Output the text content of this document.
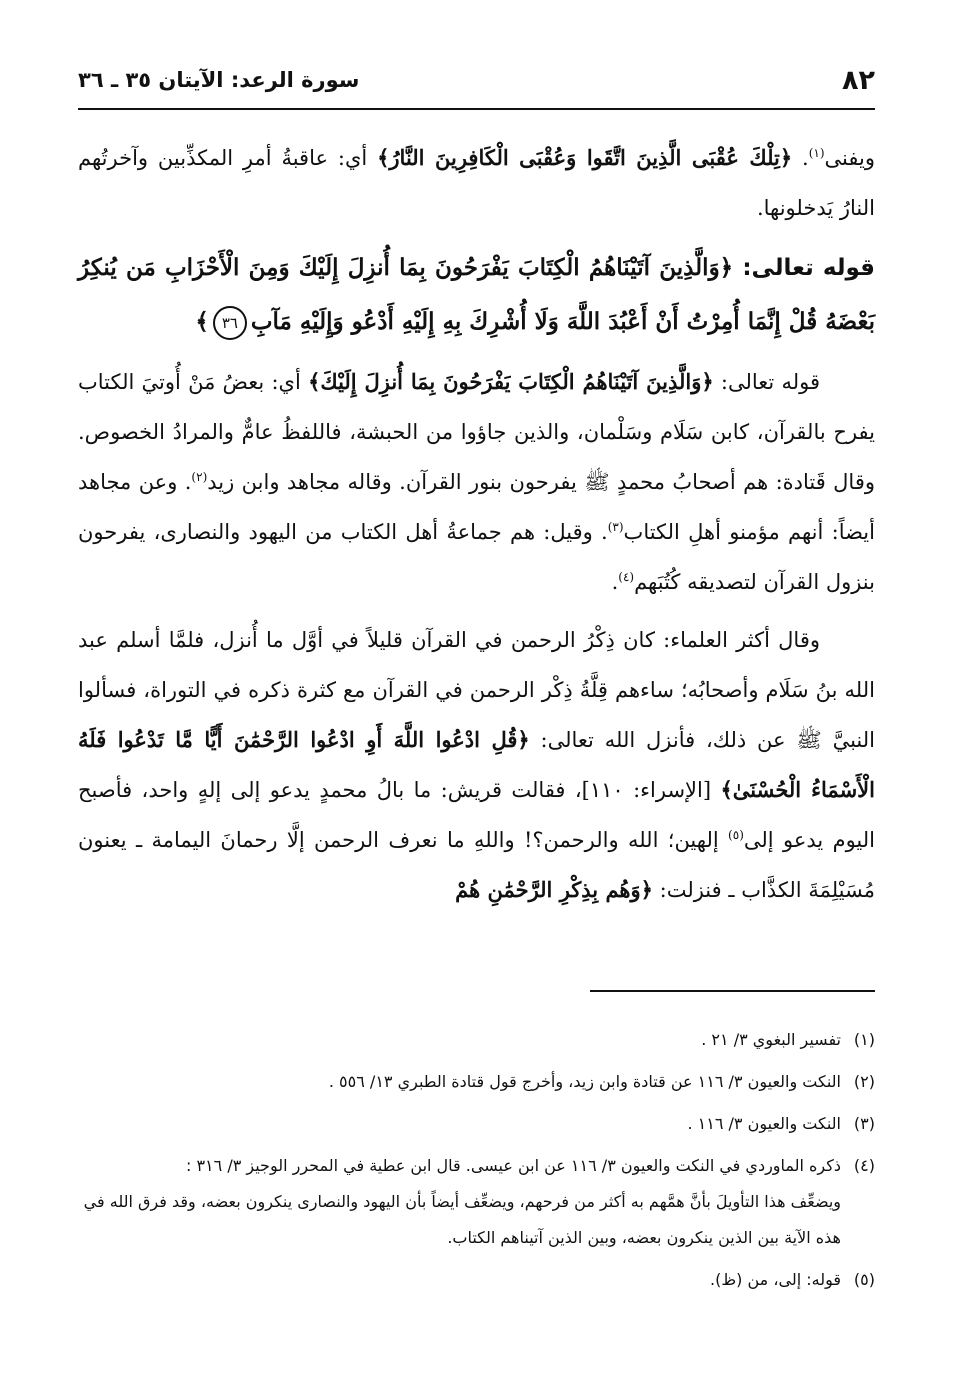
٨٢
سورة الرعد: الآيتان ٣٥ ـ ٣٦

ويفنى$^{(١)}$. ﴿تِلْكَ عُقْبَى الَّذِينَ اتَّقَوا وَعُقْبَى الْكَافِرِينَ النَّارُ﴾ أي: عاقبةُ أمرِ المكذِّبين وآخرتُهم النارُ يَدخلونها.

قوله تعالى: ﴿وَالَّذِينَ آتَيْنَاهُمُ الْكِتَابَ يَفْرَحُونَ بِمَا أُنزِلَ إِلَيْكَ وَمِنَ الْأَحْزَابِ مَن يُنكِرُ بَعْضَهُ قُلْ إِنَّمَا أُمِرْتُ أَنْ أَعْبُدَ اللَّهَ وَلَا أُشْرِكَ بِهِ إِلَيْهِ أَدْعُو وَإِلَيْهِ مَآبِ٣٦﴾

قوله تعالى: ﴿وَالَّذِينَ آتَيْنَاهُمُ الْكِتَابَ يَفْرَحُونَ بِمَا أُنزِلَ إِلَيْكَ﴾ أي: بعضُ مَنْ أُوتيَ الكتاب يفرح بالقرآن، كابن سَلَام وسَلْمان، والذين جاؤوا من الحبشة، فاللفظُ عامٌّ والمرادُ الخصوص. وقال قَتادة: هم أصحابُ محمدٍ ﷺ يفرحون بنور القرآن. وقاله مجاهد وابن زيد$^{(٢)}$. وعن مجاهد أيضاً: أنهم مؤمنو أهلِ الكتاب$^{(٣)}$. وقيل: هم جماعةُ أهل الكتاب من اليهود والنصارى، يفرحون بنزول القرآن لتصديقه كُتُبَهم$^{(٤)}$.

وقال أكثر العلماء: كان ذِكْرُ الرحمن في القرآن قليلاً في أوَّل ما أُنزل، فلمَّا أسلم عبد الله بنُ سَلَام وأصحابُه؛ ساءهم قِلَّةُ ذِكْر الرحمن في القرآن مع كثرة ذكره في التوراة، فسألوا النبيَّ ﷺ عن ذلك، فأنزل الله تعالى: ﴿قُلِ ادْعُوا اللَّهَ أَوِ ادْعُوا الرَّحْمَٰنَ أَيًّا مَّا تَدْعُوا فَلَهُ الْأَسْمَاءُ الْحُسْنَىٰ﴾ [الإسراء: ١١٠]، فقالت قريش: ما بالُ محمدٍ يدعو إلى إلهٍ واحد، فأصبح اليوم يدعو إلى$^{(٥)}$ إلهين؛ الله والرحمن؟! واللهِ ما نعرف الرحمن إلَّا رحمانَ اليمامة ـ يعنون مُسَيْلِمَةَ الكذَّاب ـ فنزلت: ﴿وَهُم بِذِكْرِ الرَّحْمَٰنِ هُمْ

(١)تفسير البغوي ٣/ ٢١ .
(٢)النكت والعيون ٣/ ١١٦ عن قتادة وابن زيد، وأخرج قول قتادة الطبري ١٣/ ٥٥٦ .
(٣)النكت والعيون ٣/ ١١٦ .
(٤)ذكره الماوردي في النكت والعيون ٣/ ١١٦ عن ابن عيسى. قال ابن عطية في المحرر الوجيز ٣/ ٣١٦ :
ويضعِّف هذا التأويلَ بأنَّ همَّهم به أكثر من فرحهم، ويضعِّف أيضاً بأن اليهود والنصارى ينكرون بعضه، وقد فرق الله في هذه الآية بين الذين ينكرون بعضه، وبين الذين آتيناهم الكتاب.
(٥)قوله: إلى، من (ظ).
